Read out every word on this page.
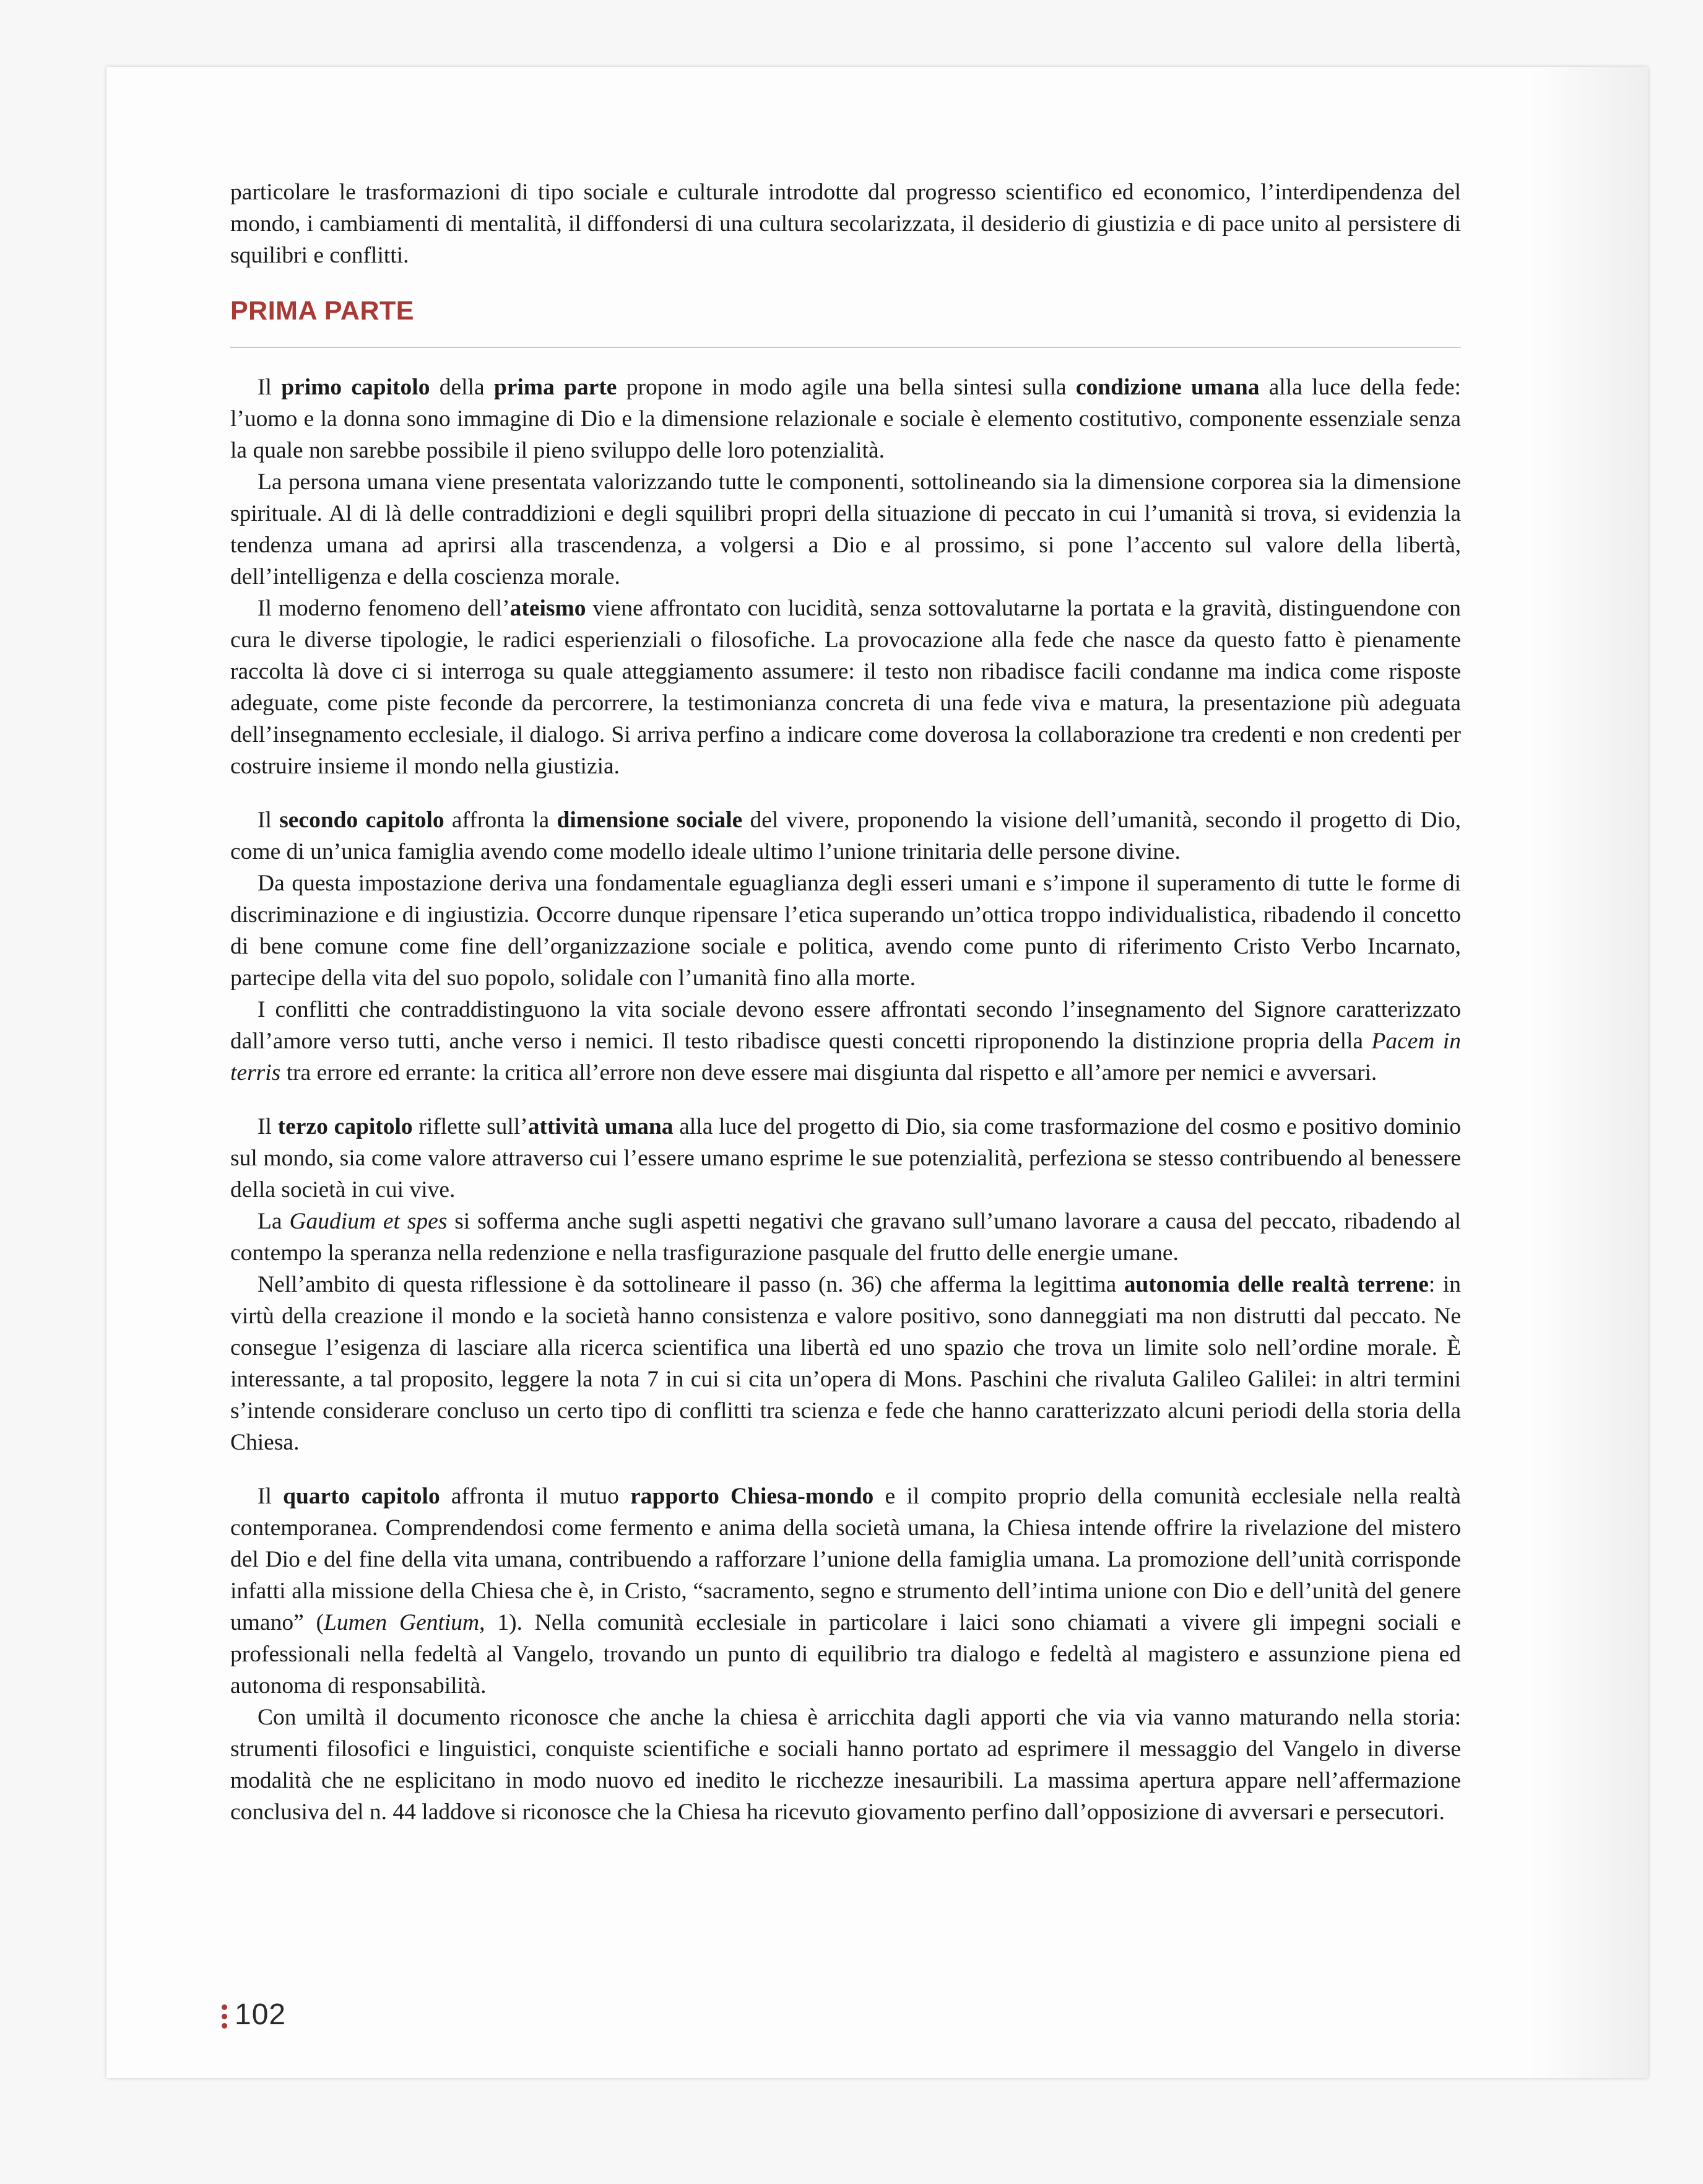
particolare le trasformazioni di tipo sociale e culturale introdotte dal progresso scientifico ed economico, l’interdipendenza del mondo, i cambiamenti di mentalità, il diffondersi di una cultura secolarizzata, il desiderio di giustizia e di pace unito al persistere di squilibri e conflitti.

PRIMA PARTE

Il primo capitolo della prima parte propone in modo agile una bella sintesi sulla condizione umana alla luce della fede: l’uomo e la donna sono immagine di Dio e la dimensione relazionale e sociale è elemento costitutivo, componente essenziale senza la quale non sarebbe possibile il pieno sviluppo delle loro potenzialità.

La persona umana viene presentata valorizzando tutte le componenti, sottolineando sia la dimensione corporea sia la dimensione spirituale. Al di là delle contraddizioni e degli squilibri propri della situazione di peccato in cui l’umanità si trova, si evidenzia la tendenza umana ad aprirsi alla trascendenza, a volgersi a Dio e al prossimo, si pone l’accento sul valore della libertà, dell’intelligenza e della coscienza morale.

Il moderno fenomeno dell’ateismo viene affrontato con lucidità, senza sottovalutarne la portata e la gravità, distinguendone con cura le diverse tipologie, le radici esperienziali o filosofiche. La provocazione alla fede che nasce da questo fatto è pienamente raccolta là dove ci si interroga su quale atteggiamento assumere: il testo non ribadisce facili condanne ma indica come risposte adeguate, come piste feconde da percorrere, la testimonianza concreta di una fede viva e matura, la presentazione più adeguata dell’insegnamento ecclesiale, il dialogo. Si arriva perfino a indicare come doverosa la collaborazione tra credenti e non credenti per costruire insieme il mondo nella giustizia.

Il secondo capitolo affronta la dimensione sociale del vivere, proponendo la visione dell’umanità, secondo il progetto di Dio, come di un’unica famiglia avendo come modello ideale ultimo l’unione trinitaria delle persone divine.

Da questa impostazione deriva una fondamentale eguaglianza degli esseri umani e s’impone il superamento di tutte le forme di discriminazione e di ingiustizia. Occorre dunque ripensare l’etica superando un’ottica troppo individualistica, ribadendo il concetto di bene comune come fine dell’organizzazione sociale e politica, avendo come punto di riferimento Cristo Verbo Incarnato, partecipe della vita del suo popolo, solidale con l’umanità fino alla morte.

I conflitti che contraddistinguono la vita sociale devono essere affrontati secondo l’insegnamento del Signore caratterizzato dall’amore verso tutti, anche verso i nemici. Il testo ribadisce questi concetti riproponendo la distinzione propria della Pacem in terris tra errore ed errante: la critica all’errore non deve essere mai disgiunta dal rispetto e all’amore per nemici e avversari.

Il terzo capitolo riflette sull’attività umana alla luce del progetto di Dio, sia come trasformazione del cosmo e positivo dominio sul mondo, sia come valore attraverso cui l’essere umano esprime le sue potenzialità, perfeziona se stesso contribuendo al benessere della società in cui vive.

La Gaudium et spes si sofferma anche sugli aspetti negativi che gravano sull’umano lavorare a causa del peccato, ribadendo al contempo la speranza nella redenzione e nella trasfigurazione pasquale del frutto delle energie umane.

Nell’ambito di questa riflessione è da sottolineare il passo (n. 36) che afferma la legittima autonomia delle realtà terrene: in virtù della creazione il mondo e la società hanno consistenza e valore positivo, sono danneggiati ma non distrutti dal peccato. Ne consegue l’esigenza di lasciare alla ricerca scientifica una libertà ed uno spazio che trova un limite solo nell’ordine morale. È interessante, a tal proposito, leggere la nota 7 in cui si cita un’opera di Mons. Paschini che rivaluta Galileo Galilei: in altri termini s’intende considerare concluso un certo tipo di conflitti tra scienza e fede che hanno caratterizzato alcuni periodi della storia della Chiesa.

Il quarto capitolo affronta il mutuo rapporto Chiesa-mondo e il compito proprio della comunità ecclesiale nella realtà contemporanea. Comprendendosi come fermento e anima della società umana, la Chiesa intende offrire la rivelazione del mistero del Dio e del fine della vita umana, contribuendo a rafforzare l’unione della famiglia umana. La promozione dell’unità corrisponde infatti alla missione della Chiesa che è, in Cristo, “sacramento, segno e strumento dell’intima unione con Dio e dell’unità del genere umano” (Lumen Gentium, 1). Nella comunità ecclesiale in particolare i laici sono chiamati a vivere gli impegni sociali e professionali nella fedeltà al Vangelo, trovando un punto di equilibrio tra dialogo e fedeltà al magistero e assunzione piena ed autonoma di responsabilità.

Con umiltà il documento riconosce che anche la chiesa è arricchita dagli apporti che via via vanno maturando nella storia: strumenti filosofici e linguistici, conquiste scientifiche e sociali hanno portato ad esprimere il messaggio del Vangelo in diverse modalità che ne esplicitano in modo nuovo ed inedito le ricchezze inesauribili. La massima apertura appare nell’affermazione conclusiva del n. 44 laddove si riconosce che la Chiesa ha ricevuto giovamento perfino dall’opposizione di avversari e persecutori.

102
